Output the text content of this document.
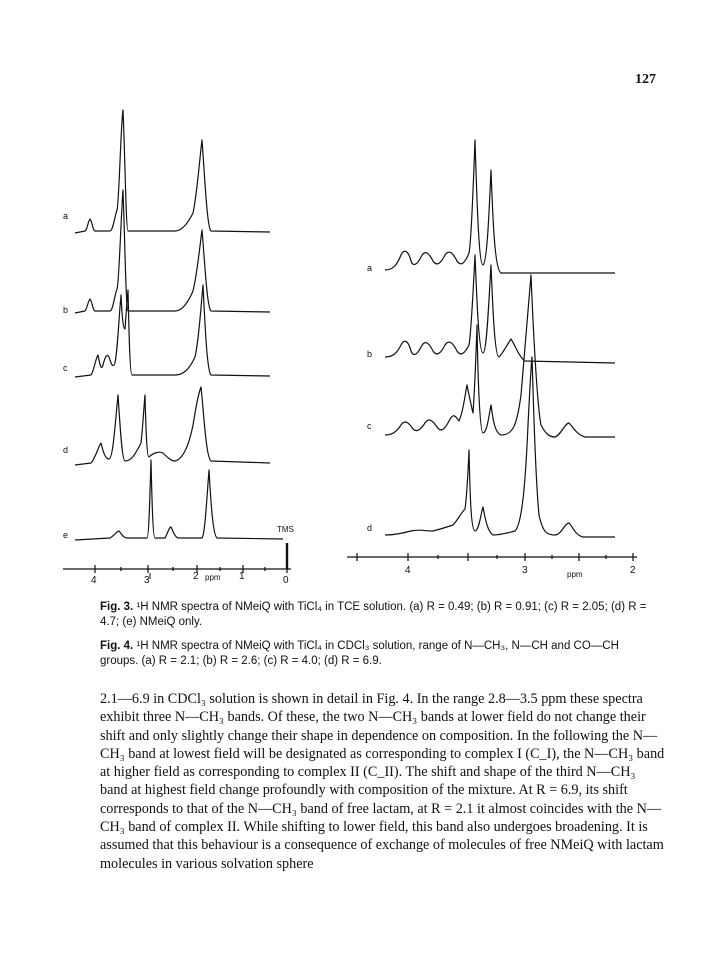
127
a
b
c
d
e
TMS
4	3	2	1	0
ppm
a
b
c
d
4	3	2
ppm
Fig. 3. ¹H NMR spectra of NMeiQ with TiCl₄ in TCE solution. (a) R = 0.49; (b) R = 0.91; (c) R = 2.05; (d) R = 4.7; (e) NMeiQ only.
Fig. 4. ¹H NMR spectra of NMeiQ with TiCl₄ in CDCl₃ solution, range of N—CH₃, N—CH and CO—CH groups. (a) R = 2.1; (b) R = 2.6; (c) R = 4.0; (d) R = 6.9.

2.1—6.9 in CDCl₃ solution is shown in detail in Fig. 4. In the range 2.8—3.5 ppm these spectra exhibit three N—CH₃ bands. Of these, the two N—CH₃ bands at lower field do not change their shift and only slightly change their shape in dependence on composition. In the following the N—CH₃ band at lowest field will be designated as corresponding to complex I (C_I), the N—CH₃ band at higher field as corresponding to complex II (C_II). The shift and shape of the third N—CH₃ band at highest field change profoundly with composition of the mixture. At R = 6.9, its shift corresponds to that of the N—CH₃ band of free lactam, at R = 2.1 it almost coincides with the N—CH₃ band of complex II. While shifting to lower field, this band also undergoes broadening. It is assumed that this behaviour is a consequence of exchange of molecules of free NMeiQ with lactam molecules in various solvation sphere
